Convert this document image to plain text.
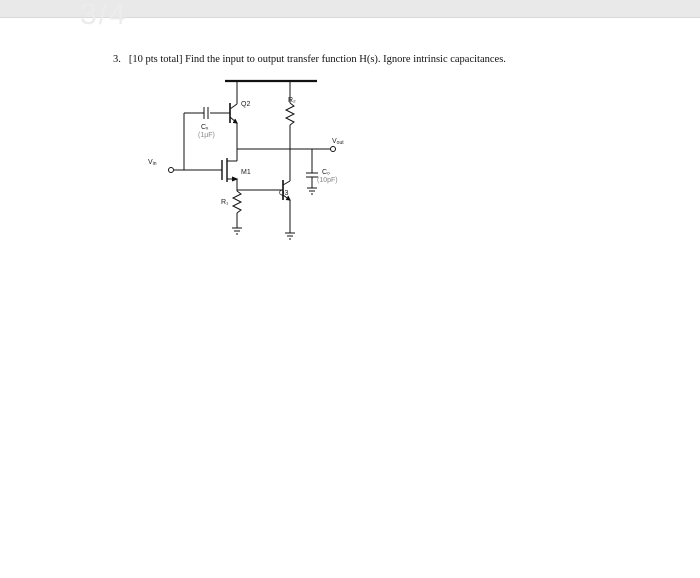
3/4
3. [10 pts total] Find the input to output transfer function H(s). Ignore intrinsic capacitances.
Q2
R₂
Vout
Cₓ
(1µF)
Vin
M1	C₀
(10pF)
Q3
R₁
